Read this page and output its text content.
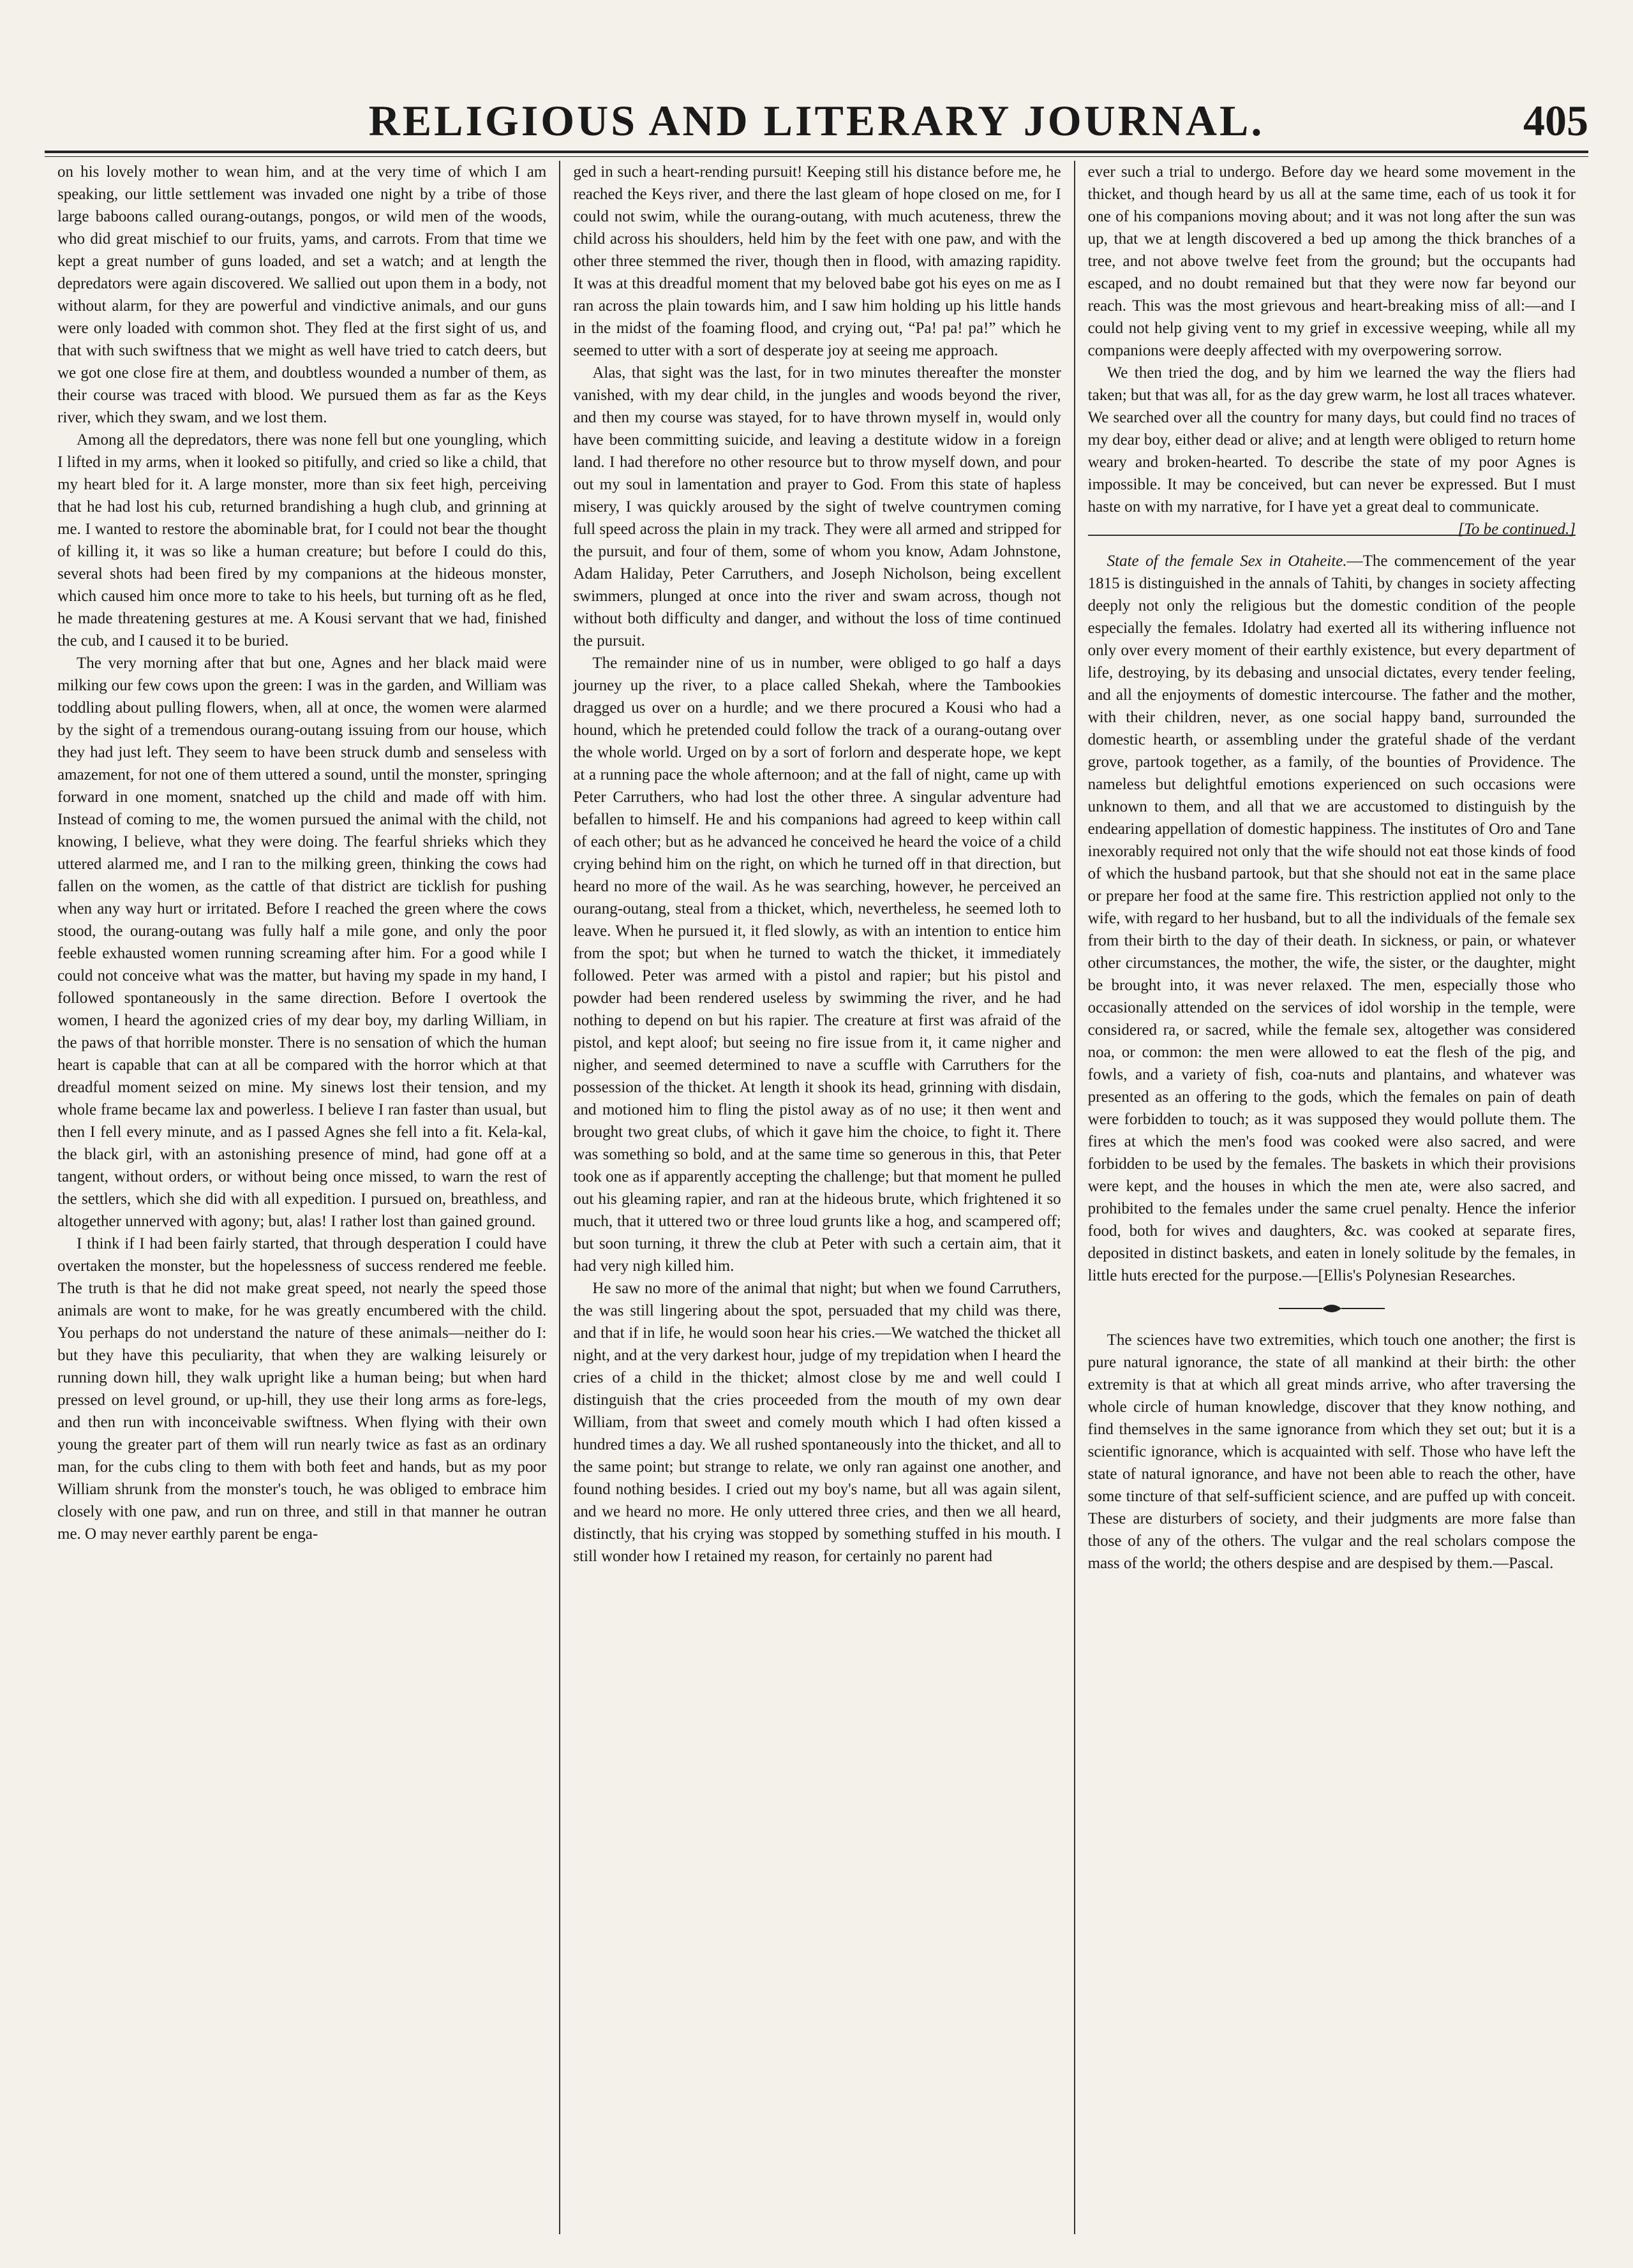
RELIGIOUS AND LITERARY JOURNAL.	405

on his lovely mother to wean him, and at the very time of which I am speaking, our little settlement was invaded one night by a tribe of those large baboons called ourang-outangs, pongos, or wild men of the woods, who did great mischief to our fruits, yams, and carrots. From that time we kept a great number of guns loaded, and set a watch; and at length the depredators were again discovered. We sallied out upon them in a body, not without alarm, for they are powerful and vindictive animals, and our guns were only loaded with common shot. They fled at the first sight of us, and that with such swiftness that we might as well have tried to catch deers, but we got one close fire at them, and doubtless wounded a number of them, as their course was traced with blood. We pursued them as far as the Keys river, which they swam, and we lost them.

Among all the depredators, there was none fell but one youngling, which I lifted in my arms, when it looked so pitifully, and cried so like a child, that my heart bled for it. A large monster, more than six feet high, perceiving that he had lost his cub, returned brandishing a hugh club, and grinning at me. I wanted to restore the abominable brat, for I could not bear the thought of killing it, it was so like a human creature; but before I could do this, several shots had been fired by my companions at the hideous monster, which caused him once more to take to his heels, but turning oft as he fled, he made threatening gestures at me. A Kousi servant that we had, finished the cub, and I caused it to be buried.

The very morning after that but one, Agnes and her black maid were milking our few cows upon the green: I was in the garden, and William was toddling about pulling flowers, when, all at once, the women were alarmed by the sight of a tremendous ourang-outang issuing from our house, which they had just left. They seem to have been struck dumb and senseless with amazement, for not one of them uttered a sound, until the monster, springing forward in one moment, snatched up the child and made off with him. Instead of coming to me, the women pursued the animal with the child, not knowing, I believe, what they were doing. The fearful shrieks which they uttered alarmed me, and I ran to the milking green, thinking the cows had fallen on the women, as the cattle of that district are ticklish for pushing when any way hurt or irritated. Before I reached the green where the cows stood, the ourang-outang was fully half a mile gone, and only the poor feeble exhausted women running screaming after him. For a good while I could not conceive what was the matter, but having my spade in my hand, I followed spontaneously in the same direction. Before I overtook the women, I heard the agonized cries of my dear boy, my darling William, in the paws of that horrible monster. There is no sensation of which the human heart is capable that can at all be compared with the horror which at that dreadful moment seized on mine. My sinews lost their tension, and my whole frame became lax and powerless. I believe I ran faster than usual, but then I fell every minute, and as I passed Agnes she fell into a fit. Kela-kal, the black girl, with an astonishing presence of mind, had gone off at a tangent, without orders, or without being once missed, to warn the rest of the settlers, which she did with all expedition. I pursued on, breathless, and altogether unnerved with agony; but, alas! I rather lost than gained ground.

I think if I had been fairly started, that through desperation I could have overtaken the monster, but the hopelessness of success rendered me feeble. The truth is that he did not make great speed, not nearly the speed those animals are wont to make, for he was greatly encumbered with the child. You perhaps do not understand the nature of these animals—neither do I: but they have this peculiarity, that when they are walking leisurely or running down hill, they walk upright like a human being; but when hard pressed on level ground, or up-hill, they use their long arms as fore-legs, and then run with inconceivable swiftness. When flying with their own young the greater part of them will run nearly twice as fast as an ordinary man, for the cubs cling to them with both feet and hands, but as my poor William shrunk from the monster's touch, he was obliged to embrace him closely with one paw, and run on three, and still in that manner he outran me. O may never earthly parent be enga-

ged in such a heart-rending pursuit! Keeping still his distance before me, he reached the Keys river, and there the last gleam of hope closed on me, for I could not swim, while the ourang-outang, with much acuteness, threw the child across his shoulders, held him by the feet with one paw, and with the other three stemmed the river, though then in flood, with amazing rapidity. It was at this dreadful moment that my beloved babe got his eyes on me as I ran across the plain towards him, and I saw him holding up his little hands in the midst of the foaming flood, and crying out, “Pa! pa! pa!” which he seemed to utter with a sort of desperate joy at seeing me approach.

Alas, that sight was the last, for in two minutes thereafter the monster vanished, with my dear child, in the jungles and woods beyond the river, and then my course was stayed, for to have thrown myself in, would only have been committing suicide, and leaving a destitute widow in a foreign land. I had therefore no other resource but to throw myself down, and pour out my soul in lamentation and prayer to God. From this state of hapless misery, I was quickly aroused by the sight of twelve countrymen coming full speed across the plain in my track. They were all armed and stripped for the pursuit, and four of them, some of whom you know, Adam Johnstone, Adam Haliday, Peter Carruthers, and Joseph Nicholson, being excellent swimmers, plunged at once into the river and swam across, though not without both difficulty and danger, and without the loss of time continued the pursuit.

The remainder nine of us in number, were obliged to go half a days journey up the river, to a place called Shekah, where the Tambookies dragged us over on a hurdle; and we there procured a Kousi who had a hound, which he pretended could follow the track of a ourang-outang over the whole world. Urged on by a sort of forlorn and desperate hope, we kept at a running pace the whole afternoon; and at the fall of night, came up with Peter Carruthers, who had lost the other three. A singular adventure had befallen to himself. He and his companions had agreed to keep within call of each other; but as he advanced he conceived he heard the voice of a child crying behind him on the right, on which he turned off in that direction, but heard no more of the wail. As he was searching, however, he perceived an ourang-outang, steal from a thicket, which, nevertheless, he seemed loth to leave. When he pursued it, it fled slowly, as with an intention to entice him from the spot; but when he turned to watch the thicket, it immediately followed. Peter was armed with a pistol and rapier; but his pistol and powder had been rendered useless by swimming the river, and he had nothing to depend on but his rapier. The creature at first was afraid of the pistol, and kept aloof; but seeing no fire issue from it, it came nigher and nigher, and seemed determined to nave a scuffle with Carruthers for the possession of the thicket. At length it shook its head, grinning with disdain, and motioned him to fling the pistol away as of no use; it then went and brought two great clubs, of which it gave him the choice, to fight it. There was something so bold, and at the same time so generous in this, that Peter took one as if apparently accepting the challenge; but that moment he pulled out his gleaming rapier, and ran at the hideous brute, which frightened it so much, that it uttered two or three loud grunts like a hog, and scampered off; but soon turning, it threw the club at Peter with such a certain aim, that it had very nigh killed him.

He saw no more of the animal that night; but when we found Carruthers, the was still lingering about the spot, persuaded that my child was there, and that if in life, he would soon hear his cries.—We watched the thicket all night, and at the very darkest hour, judge of my trepidation when I heard the cries of a child in the thicket; almost close by me and well could I distinguish that the cries proceeded from the mouth of my own dear William, from that sweet and comely mouth which I had often kissed a hundred times a day. We all rushed spontaneously into the thicket, and all to the same point; but strange to relate, we only ran against one another, and found nothing besides. I cried out my boy's name, but all was again silent, and we heard no more. He only uttered three cries, and then we all heard, distinctly, that his crying was stopped by something stuffed in his mouth. I still wonder how I retained my reason, for certainly no parent had

ever such a trial to undergo. Before day we heard some movement in the thicket, and though heard by us all at the same time, each of us took it for one of his companions moving about; and it was not long after the sun was up, that we at length discovered a bed up among the thick branches of a tree, and not above twelve feet from the ground; but the occupants had escaped, and no doubt remained but that they were now far beyond our reach. This was the most grievous and heart-breaking miss of all:—and I could not help giving vent to my grief in excessive weeping, while all my companions were deeply affected with my overpowering sorrow.

We then tried the dog, and by him we learned the way the fliers had taken; but that was all, for as the day grew warm, he lost all traces whatever. We searched over all the country for many days, but could find no traces of my dear boy, either dead or alive; and at length were obliged to return home weary and broken-hearted. To describe the state of my poor Agnes is impossible. It may be conceived, but can never be expressed. But I must haste on with my narrative, for I have yet a great deal to communicate.
[To be continued.]

State of the female Sex in Otaheite.—The commencement of the year 1815 is distinguished in the annals of Tahiti, by changes in society affecting deeply not only the religious but the domestic condition of the people especially the females. Idolatry had exerted all its withering influence not only over every moment of their earthly existence, but every department of life, destroying, by its debasing and unsocial dictates, every tender feeling, and all the enjoyments of domestic intercourse. The father and the mother, with their children, never, as one social happy band, surrounded the domestic hearth, or assembling under the grateful shade of the verdant grove, partook together, as a family, of the bounties of Providence. The nameless but delightful emotions experienced on such occasions were unknown to them, and all that we are accustomed to distinguish by the endearing appellation of domestic happiness. The institutes of Oro and Tane inexorably required not only that the wife should not eat those kinds of food of which the husband partook, but that she should not eat in the same place or prepare her food at the same fire. This restriction applied not only to the wife, with regard to her husband, but to all the individuals of the female sex from their birth to the day of their death. In sickness, or pain, or whatever other circumstances, the mother, the wife, the sister, or the daughter, might be brought into, it was never relaxed. The men, especially those who occasionally attended on the services of idol worship in the temple, were considered ra, or sacred, while the female sex, altogether was considered noa, or common: the men were allowed to eat the flesh of the pig, and fowls, and a variety of fish, coa-nuts and plantains, and whatever was presented as an offering to the gods, which the females on pain of death were forbidden to touch; as it was supposed they would pollute them. The fires at which the men's food was cooked were also sacred, and were forbidden to be used by the females. The baskets in which their provisions were kept, and the houses in which the men ate, were also sacred, and prohibited to the females under the same cruel penalty. Hence the inferior food, both for wives and daughters, &c. was cooked at separate fires, deposited in distinct baskets, and eaten in lonely solitude by the females, in little huts erected for the purpose.—[Ellis's Polynesian Researches.

The sciences have two extremities, which touch one another; the first is pure natural ignorance, the state of all mankind at their birth: the other extremity is that at which all great minds arrive, who after traversing the whole circle of human knowledge, discover that they know nothing, and find themselves in the same ignorance from which they set out; but it is a scientific ignorance, which is acquainted with self. Those who have left the state of natural ignorance, and have not been able to reach the other, have some tincture of that self-sufficient science, and are puffed up with conceit. These are disturbers of society, and their judgments are more false than those of any of the others. The vulgar and the real scholars compose the mass of the world; the others despise and are despised by them.—Pascal.
